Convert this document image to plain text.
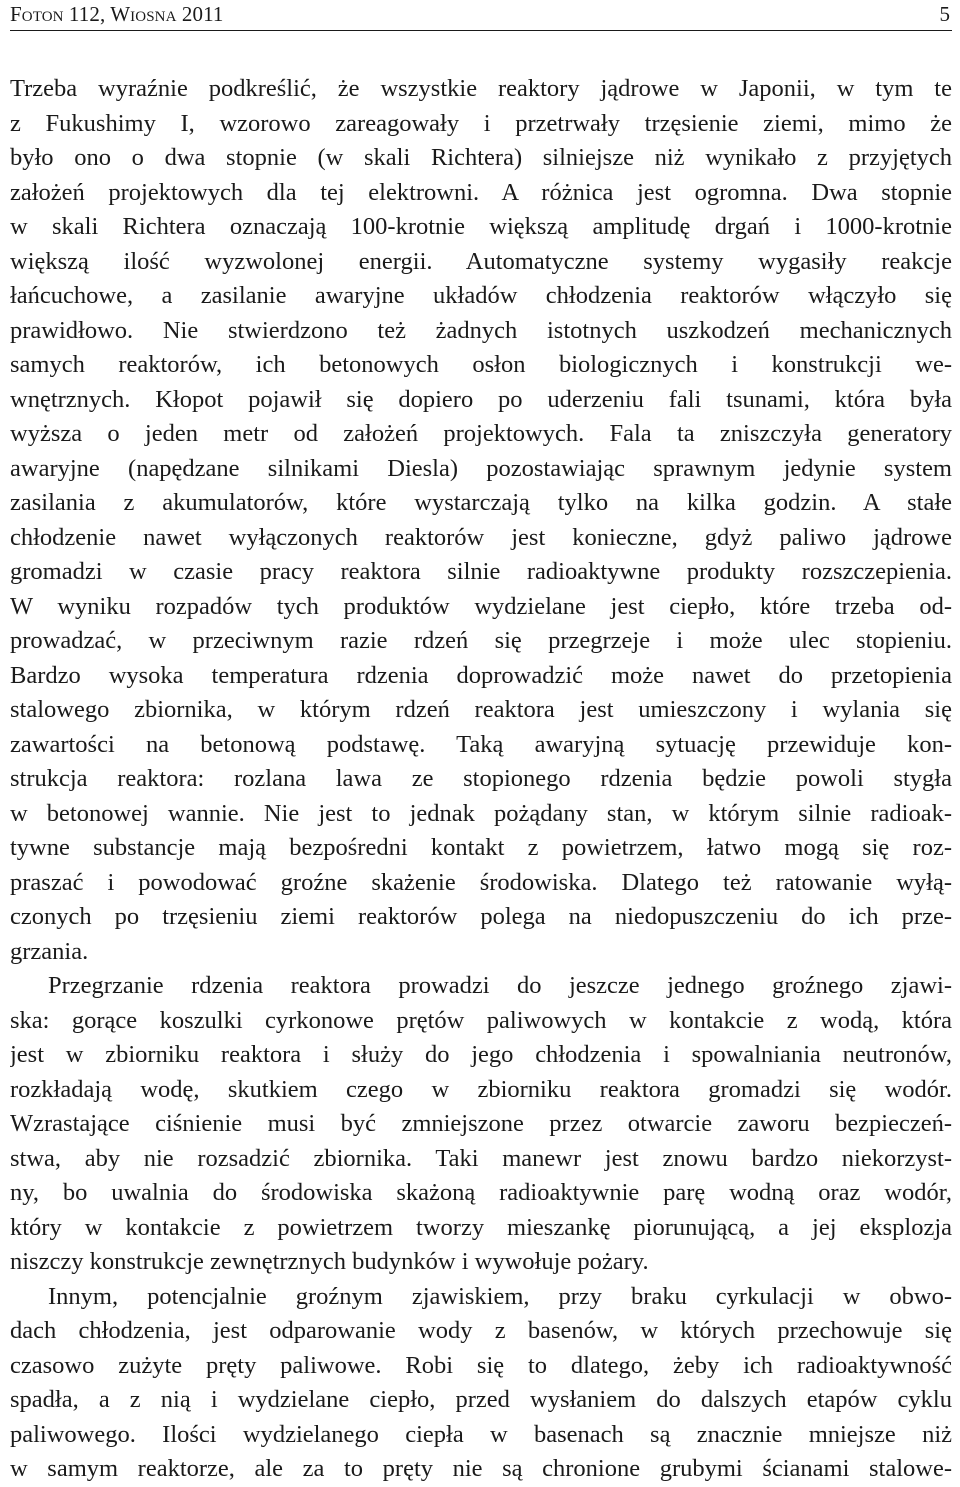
Foton 112, Wiosna 2011	5
Trzeba wyraźnie podkreślić, że wszystkie reaktory jądrowe w Japonii, w tym te
z Fukushimy I, wzorowo zareagowały i przetrwały trzęsienie ziemi, mimo że
było ono o dwa stopnie (w skali Richtera) silniejsze niż wynikało z przyjętych
założeń projektowych dla tej elektrowni. A różnica jest ogromna. Dwa stopnie
w skali Richtera oznaczają 100-krotnie większą amplitudę drgań i 1000-krotnie
większą ilość wyzwolonej energii. Automatyczne systemy wygasiły reakcje
łańcuchowe, a zasilanie awaryjne układów chłodzenia reaktorów włączyło się
prawidłowo. Nie stwierdzono też żadnych istotnych uszkodzeń mechanicznych
samych reaktorów, ich betonowych osłon biologicznych i konstrukcji we-
wnętrznych. Kłopot pojawił się dopiero po uderzeniu fali tsunami, która była
wyższa o jeden metr od założeń projektowych. Fala ta zniszczyła generatory
awaryjne (napędzane silnikami Diesla) pozostawiając sprawnym jedynie system
zasilania z akumulatorów, które wystarczają tylko na kilka godzin. A stałe
chłodzenie nawet wyłączonych reaktorów jest konieczne, gdyż paliwo jądrowe
gromadzi w czasie pracy reaktora silnie radioaktywne produkty rozszczepienia.
W wyniku rozpadów tych produktów wydzielane jest ciepło, które trzeba od-
prowadzać, w przeciwnym razie rdzeń się przegrzeje i może ulec stopieniu.
Bardzo wysoka temperatura rdzenia doprowadzić może nawet do przetopienia
stalowego zbiornika, w którym rdzeń reaktora jest umieszczony i wylania się
zawartości na betonową podstawę. Taką awaryjną sytuację przewiduje kon-
strukcja reaktora: rozlana lawa ze stopionego rdzenia będzie powoli stygła
w betonowej wannie. Nie jest to jednak pożądany stan, w którym silnie radioak-
tywne substancje mają bezpośredni kontakt z powietrzem, łatwo mogą się roz-
praszać i powodować groźne skażenie środowiska. Dlatego też ratowanie wyłą-
czonych po trzęsieniu ziemi reaktorów polega na niedopuszczeniu do ich prze-
grzania.
Przegrzanie rdzenia reaktora prowadzi do jeszcze jednego groźnego zjawi-
ska: gorące koszulki cyrkonowe prętów paliwowych w kontakcie z wodą, która
jest w zbiorniku reaktora i służy do jego chłodzenia i spowalniania neutronów,
rozkładają wodę, skutkiem czego w zbiorniku reaktora gromadzi się wodór.
Wzrastające ciśnienie musi być zmniejszone przez otwarcie zaworu bezpieczeń-
stwa, aby nie rozsadzić zbiornika. Taki manewr jest znowu bardzo niekorzyst-
ny, bo uwalnia do środowiska skażoną radioaktywnie parę wodną oraz wodór,
który w kontakcie z powietrzem tworzy mieszankę piorunującą, a jej eksplozja
niszczy konstrukcje zewnętrznych budynków i wywołuje pożary.
Innym, potencjalnie groźnym zjawiskiem, przy braku cyrkulacji w obwo-
dach chłodzenia, jest odparowanie wody z basenów, w których przechowuje się
czasowo zużyte pręty paliwowe. Robi się to dlatego, żeby ich radioaktywność
spadła, a z nią i wydzielane ciepło, przed wysłaniem do dalszych etapów cyklu
paliwowego. Ilości wydzielanego ciepła w basenach są znacznie mniejsze niż
w samym reaktorze, ale za to pręty nie są chronione grubymi ścianami stalowe-
